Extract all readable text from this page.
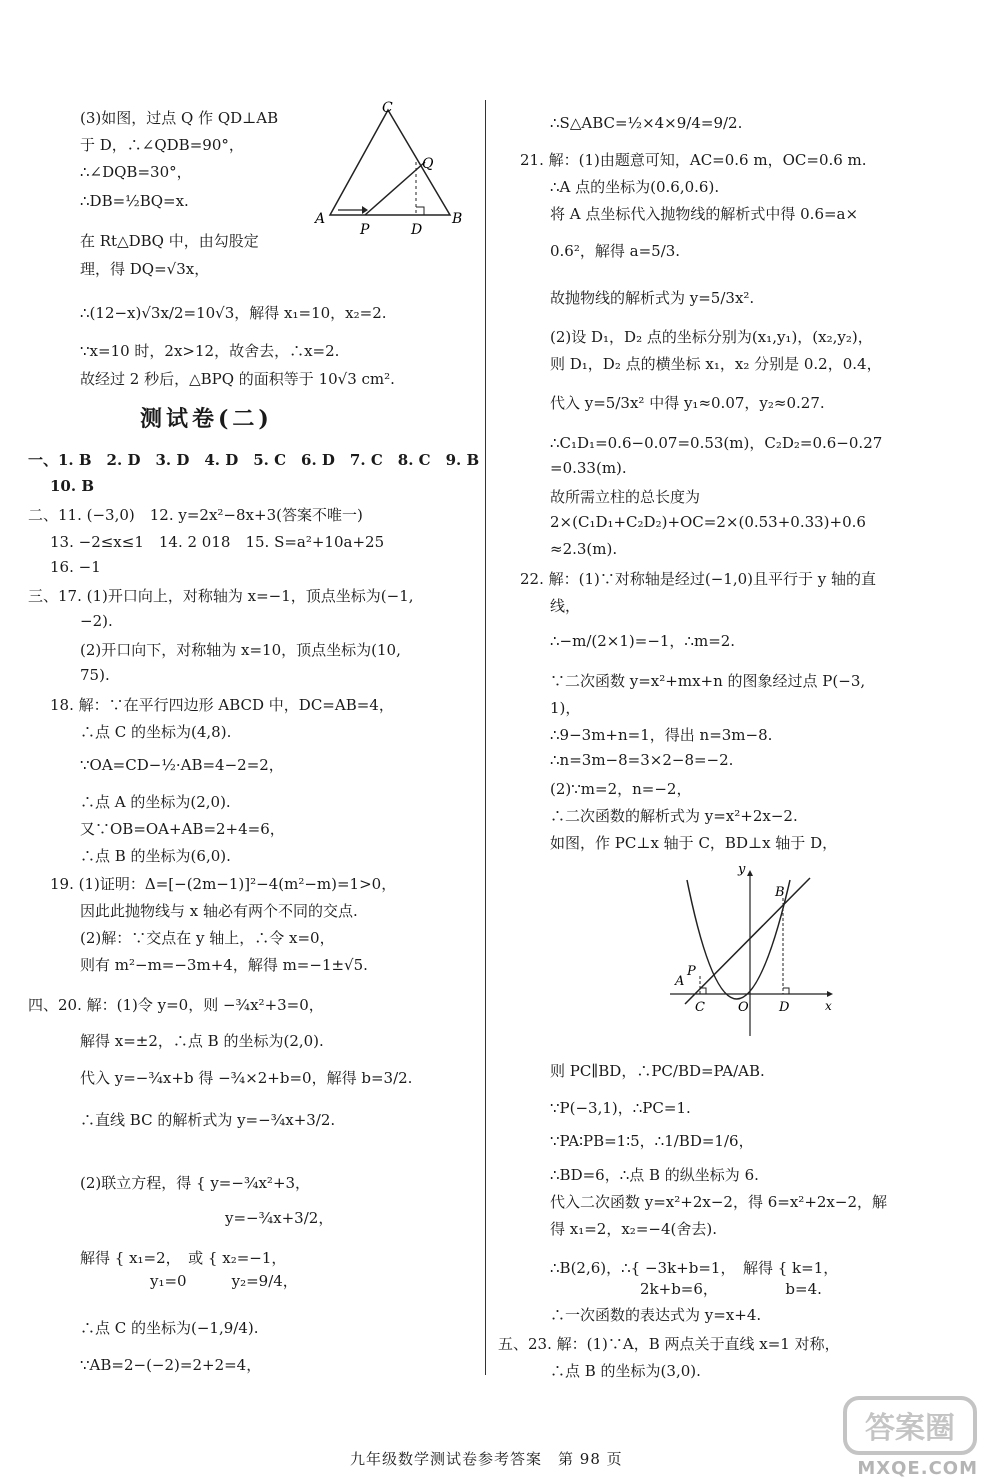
(3)如图，过点 Q 作 QD⊥AB
于 D，∴∠QDB=90°，
∴∠DQB=30°，
∴DB=½BQ=x.
在 Rt△DBQ 中，由勾股定
理，得 DQ=√3x，
∴(12−x)√3x/2=10√3，解得 x₁=10，x₂=2.
∵x=10 时，2x>12，故舍去，∴x=2.
故经过 2 秒后，△BPQ 的面积等于 10√3 cm².
一、1. B　2. D　3. D　4. D　5. C　6. D　7. C　8. C　9. B
10. B
二、11. (−3,0)　12. y=2x²−8x+3(答案不唯一)
13. −2≤x≤1　14. 2 018　15. S=a²+10a+25
16. −1
三、17. (1)开口向上，对称轴为 x=−1，顶点坐标为(−1,
−2).
(2)开口向下，对称轴为 x=10，顶点坐标为(10,
75).
18. 解：∵在平行四边形 ABCD 中，DC=AB=4，
∴点 C 的坐标为(4,8).
∵OA=CD−½·AB=4−2=2，
∴点 A 的坐标为(2,0).
又∵OB=OA+AB=2+4=6，
∴点 B 的坐标为(6,0).
19. (1)证明：Δ=[−(2m−1)]²−4(m²−m)=1>0，
因此此抛物线与 x 轴必有两个不同的交点.
(2)解：∵交点在 y 轴上，∴令 x=0，
则有 m²−m=−3m+4，解得 m=−1±√5.
四、20. 解：(1)令 y=0，则 −¾x²+3=0，
解得 x=±2，∴点 B 的坐标为(2,0).
代入 y=−¾x+b 得 −¾×2+b=0，解得 b=3/2.
∴直线 BC 的解析式为 y=−¾x+3/2.
(2)联立方程，得 { y=−¾x²+3，
y=−¾x+3/2，
解得 { x₁=2，　或 { x₂=−1，
y₁=0　　　y₂=9/4，
∴点 C 的坐标为(−1,9/4).
∵AB=2−(−2)=2+2=4，
测试卷(二)
C
Q
A
P	D
B
∴S△ABC=½×4×9/4=9/2.
21. 解：(1)由题意可知，AC=0.6 m，OC=0.6 m.
∴A 点的坐标为(0.6,0.6).
将 A 点坐标代入抛物线的解析式中得 0.6=a×
0.6²，解得 a=5/3.
故抛物线的解析式为 y=5/3x².
(2)设 D₁，D₂ 点的坐标分别为(x₁,y₁)，(x₂,y₂)，
则 D₁，D₂ 点的横坐标 x₁，x₂ 分别是 0.2，0.4，
代入 y=5/3x² 中得 y₁≈0.07，y₂≈0.27.
∴C₁D₁=0.6−0.07=0.53(m)，C₂D₂=0.6−0.27
=0.33(m).
故所需立柱的总长度为
2×(C₁D₁+C₂D₂)+OC=2×(0.53+0.33)+0.6
≈2.3(m).
22. 解：(1)∵对称轴是经过(−1,0)且平行于 y 轴的直
线，
∴−m/(2×1)=−1，∴m=2.
∵二次函数 y=x²+mx+n 的图象经过点 P(−3,
1)，
∴9−3m+n=1，得出 n=3m−8.
∴n=3m−8=3×2−8=−2.
(2)∵m=2，n=−2，
∴二次函数的解析式为 y=x²+2x−2.
如图，作 PC⊥x 轴于 C，BD⊥x 轴于 D，
则 PC∥BD，∴PC/BD=PA/AB.
∵P(−3,1)，∴PC=1.
∵PA∶PB=1∶5，∴1/BD=1/6，
∴BD=6，∴点 B 的纵坐标为 6.
代入二次函数 y=x²+2x−2，得 6=x²+2x−2，解
得 x₁=2，x₂=−4(舍去).
∴B(2,6)，∴{ −3k+b=1，　解得 { k=1，
2k+b=6，　　　　　b=4.
∴一次函数的表达式为 y=x+4.
五、23. 解：(1)∵A，B 两点关于直线 x=1 对称，
∴点 B 的坐标为(3,0).
y
B
P
A
C	O D	x
九年级数学测试卷参考答案　第 98 页
答案圈
MXQE.COM
